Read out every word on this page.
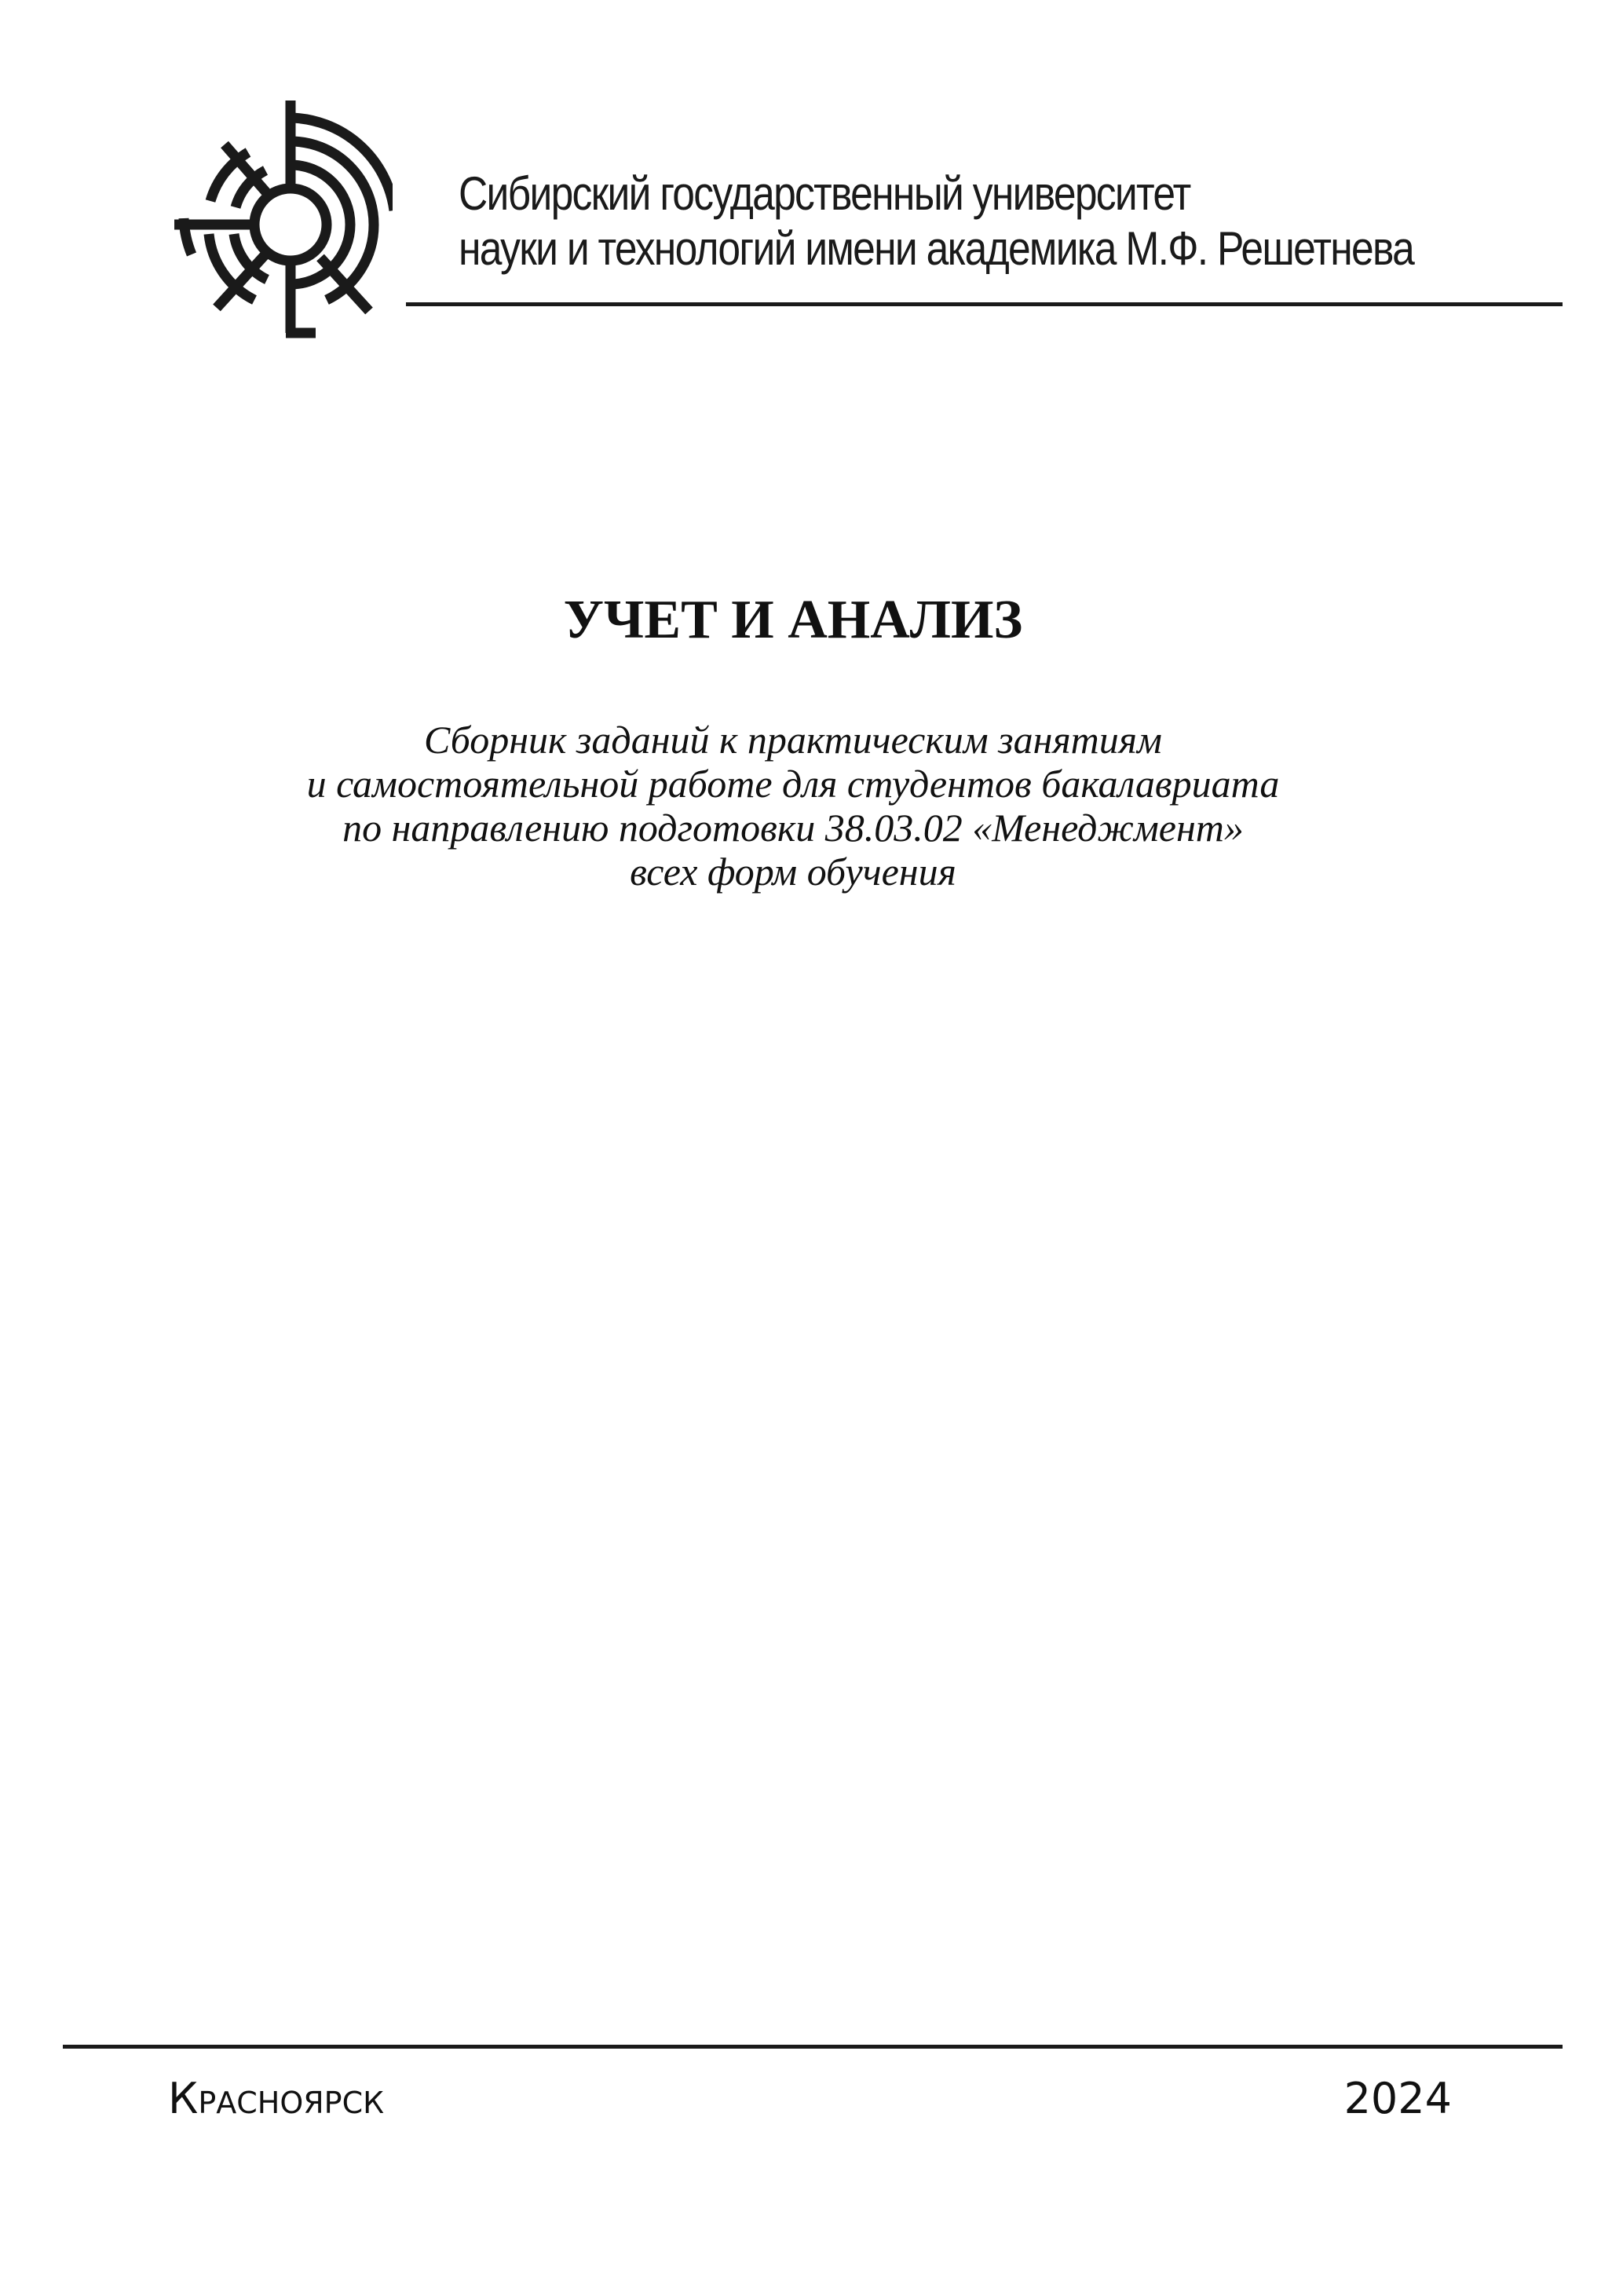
Сибирский государственный университет
науки и технологий имени академика М.Ф. Решетнева
УЧЕТ И АНАЛИЗ
Сборник заданий к практическим занятиям
и самостоятельной работе для студентов бакалавриата
по направлению подготовки 38.03.02 «Менеджмент»
всех форм обучения
Красноярск	2024
